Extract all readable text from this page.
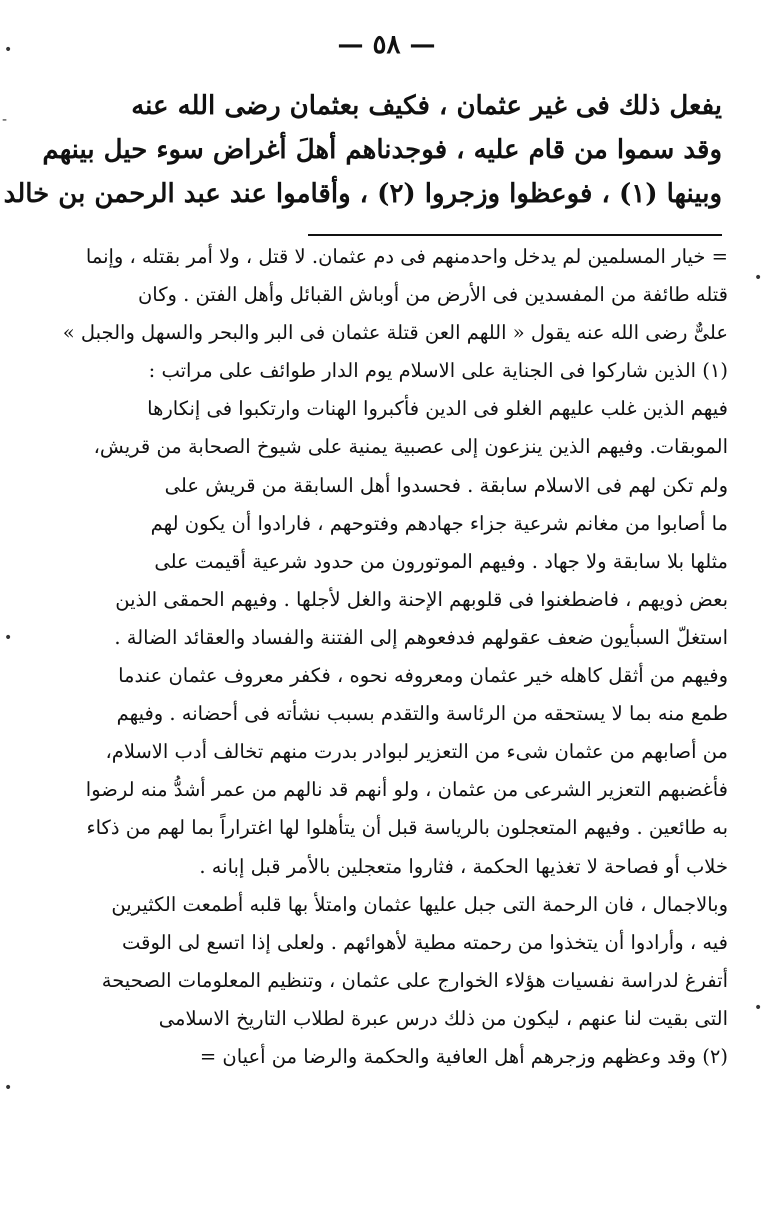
— ٥٨ —
يفعل ذلك فى غير عثمان ، فكيف بعثمان رضى الله عنه
وقد سموا من قام عليه ، فوجدناهم أهلَ أغراض سوء حيل بينهم
وبينها (١) ، فوعظوا وزجروا (٢) ، وأقاموا عند عبد الرحمن بن خالد
= خيار المسلمين لم يدخل واحدمنهم فى دم عثمان. لا قتل ، ولا أمر بقتله ، وإنما
قتله طائفة من المفسدين فى الأرض من أوباش القبائل وأهل الفتن . وكان
علىٌّ رضى الله عنه يقول « اللهم العن قتلة عثمان فى البر والبحر والسهل والجبل »
(١) الذين شاركوا فى الجناية على الاسلام يوم الدار طوائف على مراتب :
فيهم الذين غلب عليهم الغلو فى الدين فأكبروا الهنات وارتكبوا فى إنكارها
الموبقات. وفيهم الذين ينزعون إلى عصبية يمنية على شيوخ الصحابة من قريش،
ولم تكن لهم فى الاسلام سابقة . فحسدوا أهل السابقة من قريش على
ما أصابوا من مغانم شرعية جزاء جهادهم وفتوحهم ، فارادوا أن يكون لهم
مثلها بلا سابقة ولا جهاد . وفيهم الموتورون من حدود شرعية أقيمت على
بعض ذويهم ، فاضطغنوا فى قلوبهم الإحنة والغل لأجلها . وفيهم الحمقى الذين
استغلّ السبأيون ضعف عقولهم فدفعوهم إلى الفتنة والفساد والعقائد الضالة .
وفيهم من أثقل كاهله خير عثمان ومعروفه نحوه ، فكفر معروف عثمان عندما
طمع منه بما لا يستحقه من الرئاسة والتقدم بسبب نشأته فى أحضانه . وفيهم
من أصابهم من عثمان شىء من التعزير لبوادر بدرت منهم تخالف أدب الاسلام،
فأغضبهم التعزير الشرعى من عثمان ، ولو أنهم قد نالهم من عمر أشدُّ منه لرضوا
به طائعين . وفيهم المتعجلون بالرياسة قبل أن يتأهلوا لها اغتراراً بما لهم من ذكاء
خلاب أو فصاحة لا تغذيها الحكمة ، فثاروا متعجلين بالأمر قبل إبانه .
وبالاجمال ، فان الرحمة التى جبل عليها عثمان وامتلأ بها قلبه أطمعت الكثيرين
فيه ، وأرادوا أن يتخذوا من رحمته مطية لأهوائهم . ولعلى إذا اتسع لى الوقت
أتفرغ لدراسة نفسيات هؤلاء الخوارج على عثمان ، وتنظيم المعلومات الصحيحة
التى بقيت لنا عنهم ، ليكون من ذلك درس عبرة لطلاب التاريخ الاسلامى
(٢) وقد وعظهم وزجرهم أهل العافية والحكمة والرضا من أعيان =
•
‐
•
•
•
•
